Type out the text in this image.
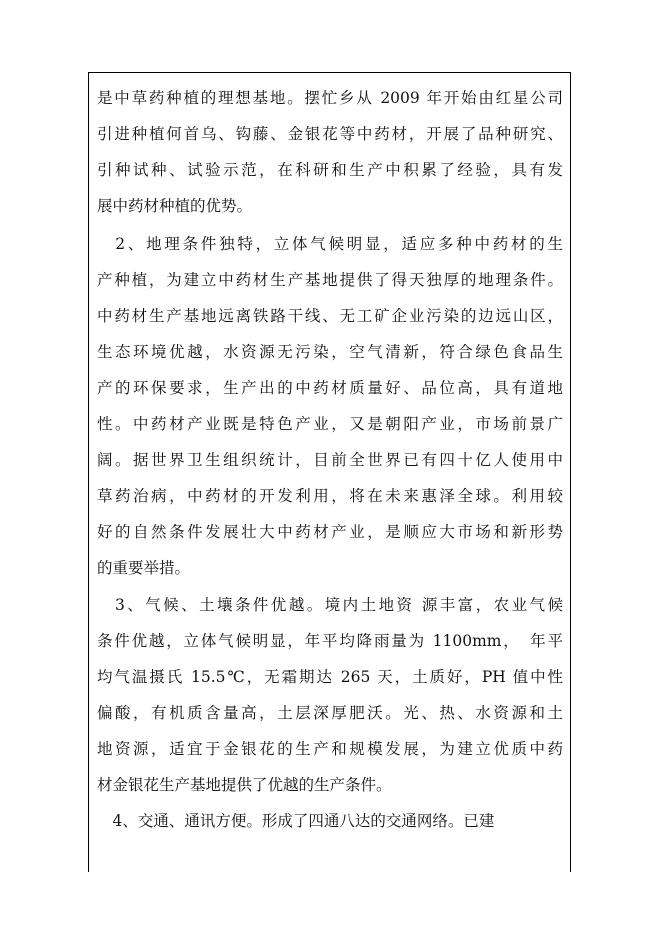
是中草药种植的理想基地。摆忙乡从 2009 年开始由红星公司
引进种植何首乌、钩藤、金银花等中药材，开展了品种研究、
引种试种、试验示范，在科研和生产中积累了经验，具有发
展中药材种植的优势。
　2、地理条件独特，立体气候明显，适应多种中药材的生
产种植，为建立中药材生产基地提供了得天独厚的地理条件。
中药材生产基地远离铁路干线、无工矿企业污染的边远山区，
生态环境优越，水资源无污染，空气清新，符合绿色食品生
产的环保要求，生产出的中药材质量好、品位高，具有道地
性。中药材产业既是特色产业，又是朝阳产业，市场前景广
阔。据世界卫生组织统计，目前全世界已有四十亿人使用中
草药治病，中药材的开发利用，将在未来惠泽全球。利用较
好的自然条件发展壮大中药材产业，是顺应大市场和新形势
的重要举措。
　3、气候、土壤条件优越。境内土地资 源丰富，农业气候
条件优越，立体气候明显，年平均降雨量为 1100mm，　年平
均气温摄氏 15.5℃，无霜期达 265 天，土质好，PH 值中性
偏酸，有机质含量高，土层深厚肥沃。光、热、水资源和土
地资源，适宜于金银花的生产和规模发展，为建立优质中药
材金银花生产基地提供了优越的生产条件。
　4、交通、通讯方便。形成了四通八达的交通网络。已建
